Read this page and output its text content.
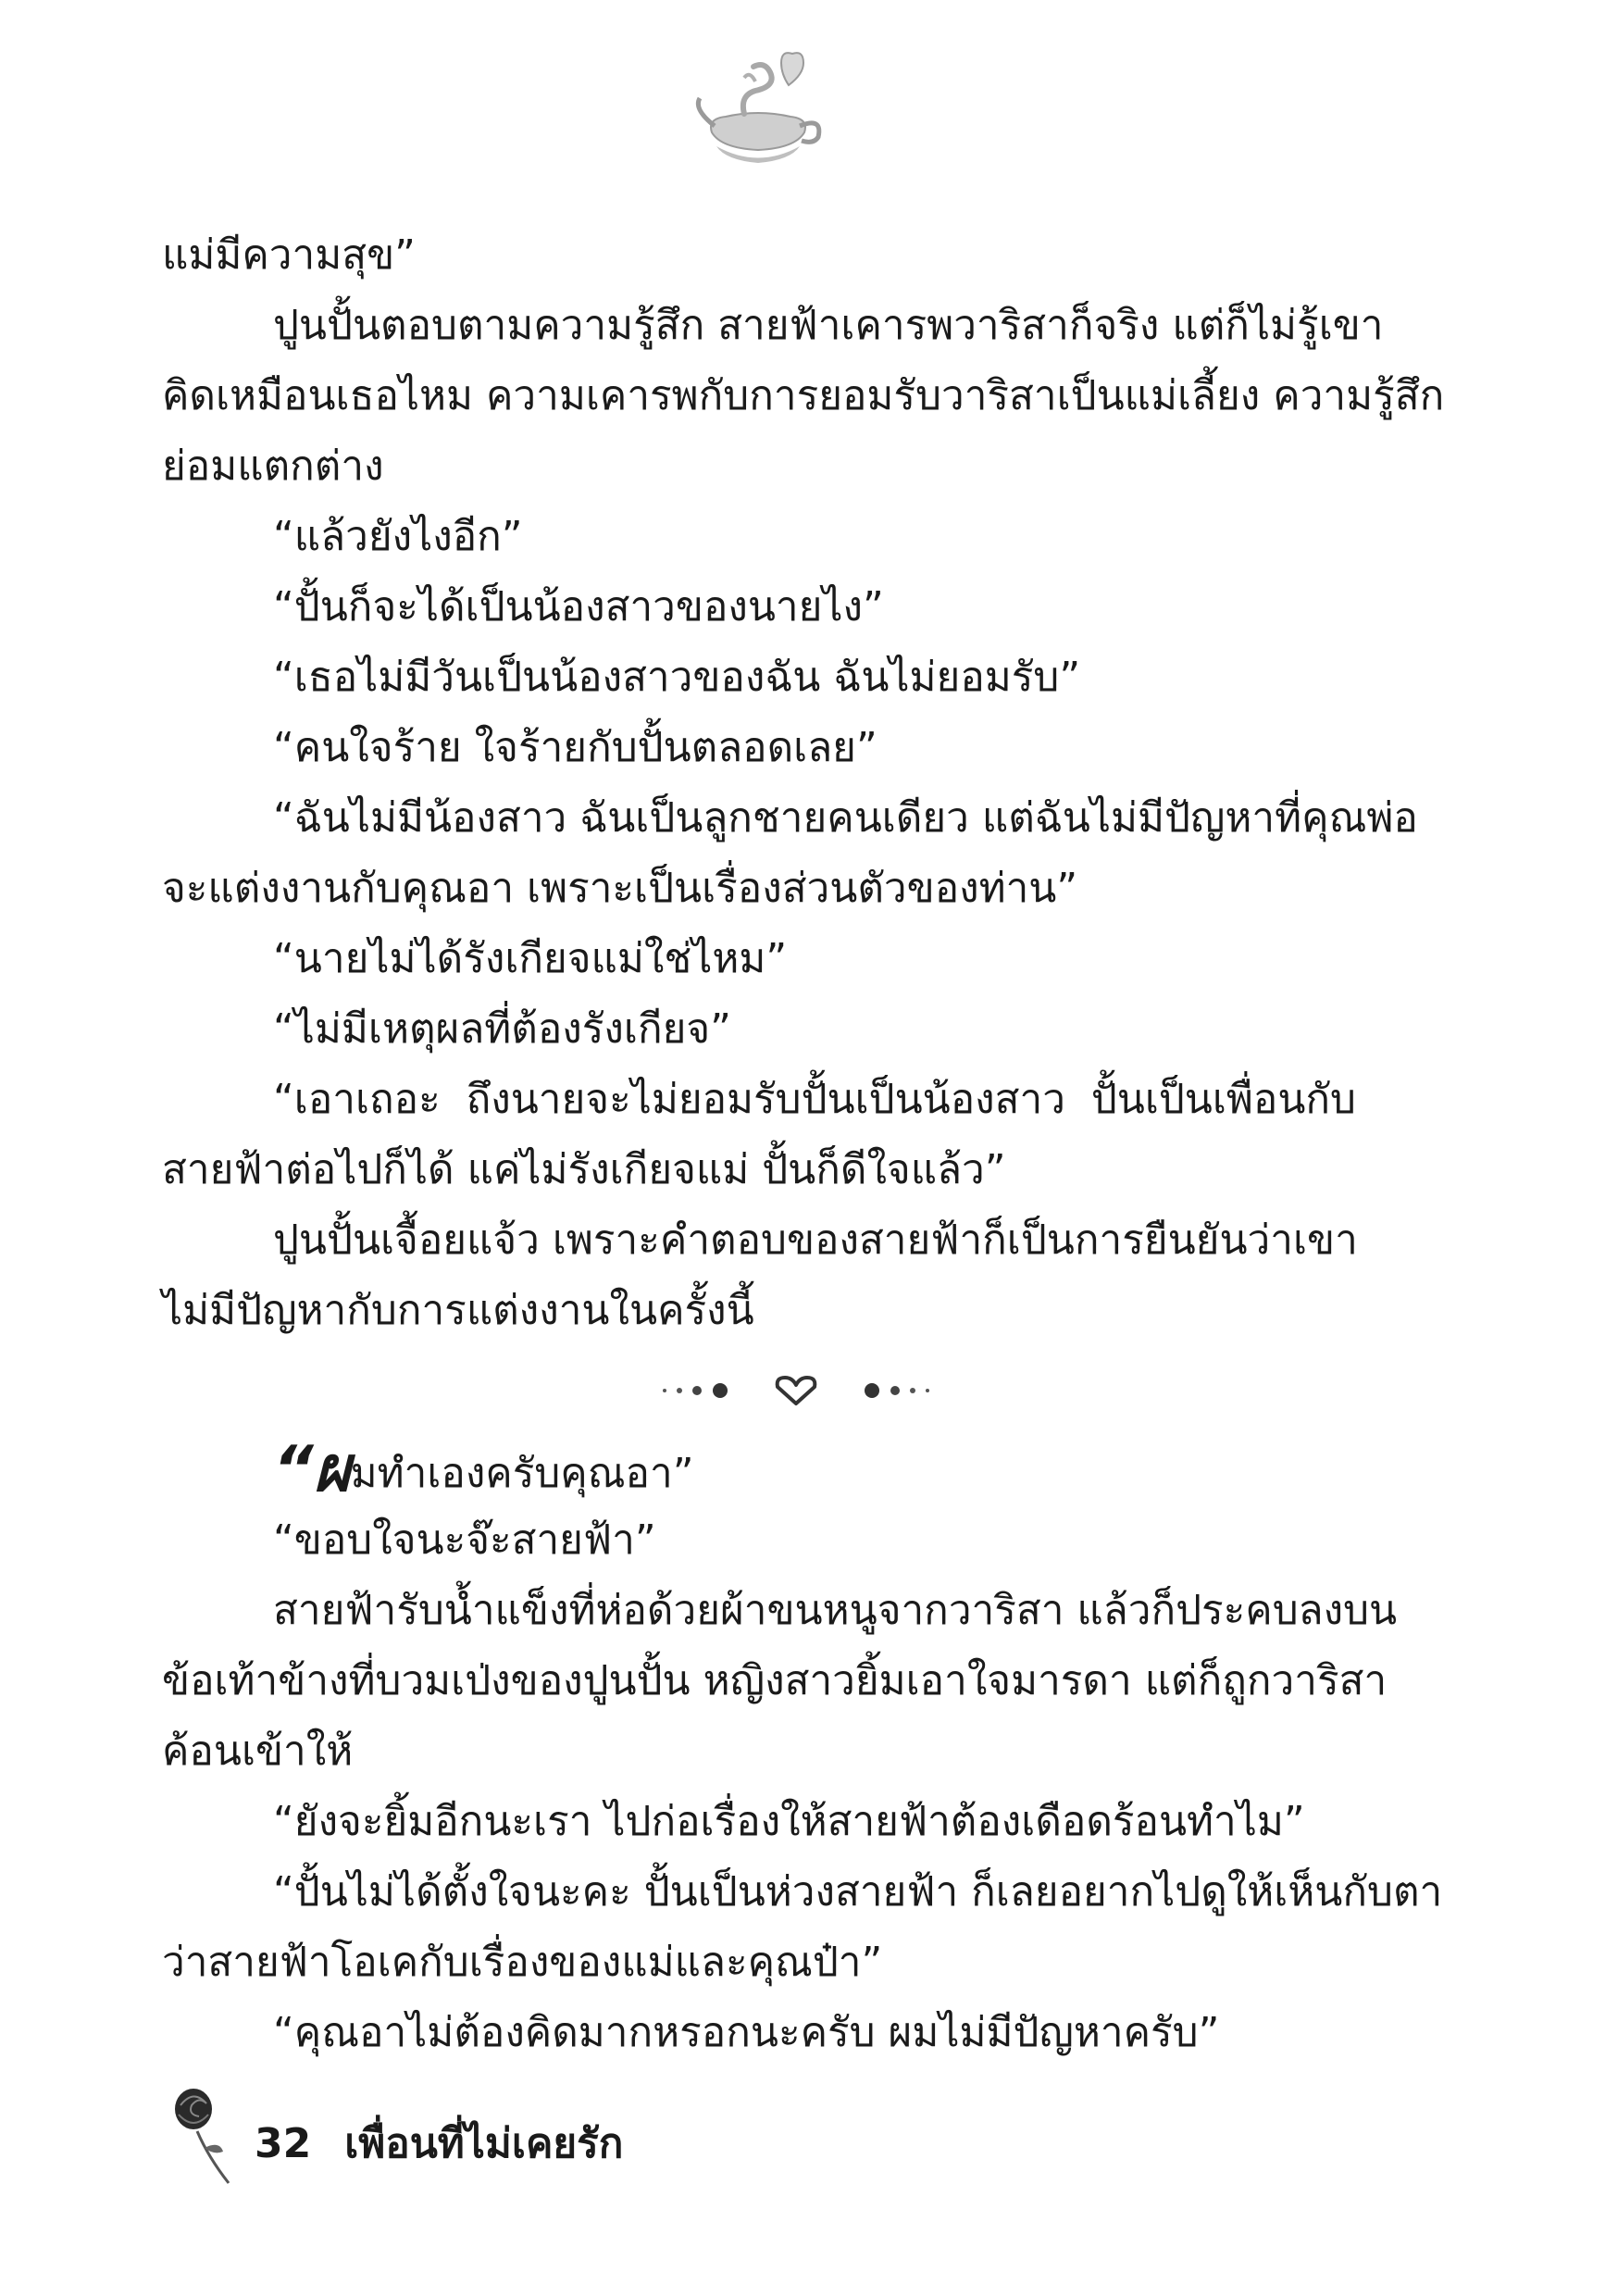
แม่มีความสุข”
ปูนปั้นตอบตามความรู้สึก สายฟ้าเคารพวาริสาก็จริง แต่ก็ไม่รู้เขา
คิดเหมือนเธอไหม ความเคารพกับการยอมรับวาริสาเป็นแม่เลี้ยง ความรู้สึก
ย่อมแตกต่าง
“แล้วยังไงอีก”
“ปั้นก็จะได้เป็นน้องสาวของนายไง”
“เธอไม่มีวันเป็นน้องสาวของฉัน ฉันไม่ยอมรับ”
“คนใจร้าย ใจร้ายกับปั้นตลอดเลย”
“ฉันไม่มีน้องสาว ฉันเป็นลูกชายคนเดียว แต่ฉันไม่มีปัญหาที่คุณพ่อ
จะแต่งงานกับคุณอา เพราะเป็นเรื่องส่วนตัวของท่าน”
“นายไม่ได้รังเกียจแม่ใช่ไหม”
“ไม่มีเหตุผลที่ต้องรังเกียจ”
“เอาเถอะ ถึงนายจะไม่ยอมรับปั้นเป็นน้องสาว ปั้นเป็นเพื่อนกับ
สายฟ้าต่อไปก็ได้ แค่ไม่รังเกียจแม่ ปั้นก็ดีใจแล้ว”
ปูนปั้นเจื้อยแจ้ว เพราะคำตอบของสายฟ้าก็เป็นการยืนยันว่าเขา
ไม่มีปัญหากับการแต่งงานในครั้งนี้
“ผมทำเองครับคุณอา”
“ขอบใจนะจ๊ะสายฟ้า”
สายฟ้ารับน้ำแข็งที่ห่อด้วยผ้าขนหนูจากวาริสา แล้วก็ประคบลงบน
ข้อเท้าข้างที่บวมเป่งของปูนปั้น หญิงสาวยิ้มเอาใจมารดา แต่ก็ถูกวาริสา
ค้อนเข้าให้
“ยังจะยิ้มอีกนะเรา ไปก่อเรื่องให้สายฟ้าต้องเดือดร้อนทำไม”
“ปั้นไม่ได้ตั้งใจนะคะ ปั้นเป็นห่วงสายฟ้า ก็เลยอยากไปดูให้เห็นกับตา
ว่าสายฟ้าโอเคกับเรื่องของแม่และคุณป๋า”
“คุณอาไม่ต้องคิดมากหรอกนะครับ ผมไม่มีปัญหาครับ”
32 เพื่อนที่ไม่เคยรัก
